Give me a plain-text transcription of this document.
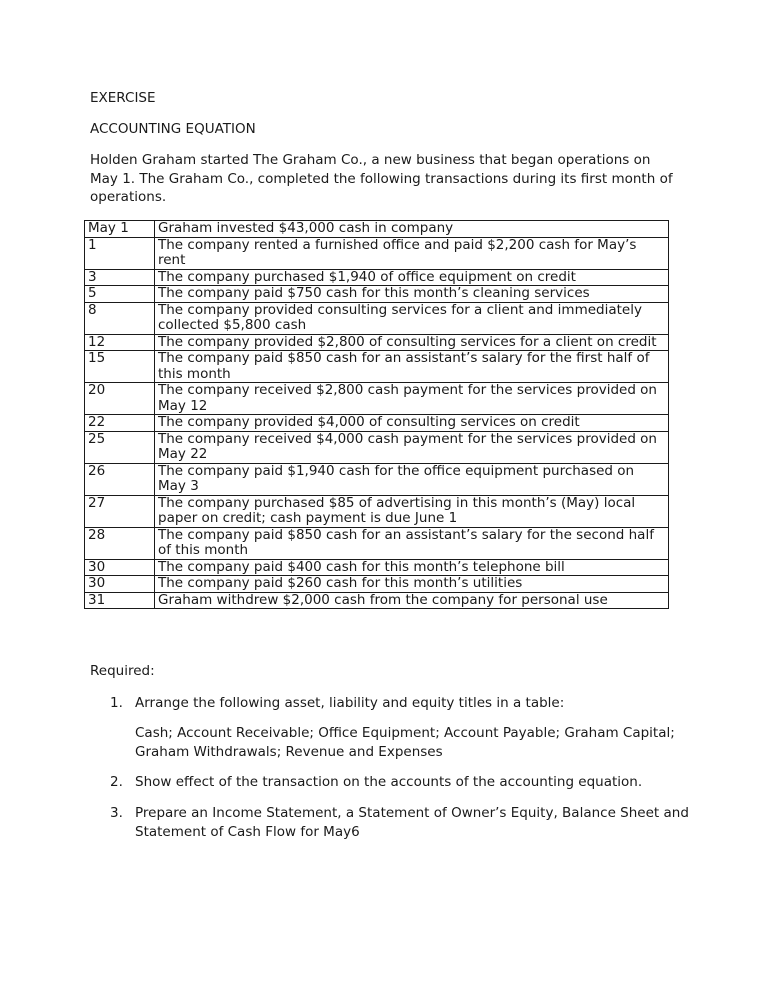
EXERCISE
ACCOUNTING EQUATION
Holden Graham started The Graham Co., a new business that began operations on May 1. The Graham Co., completed the following transactions during its first month of operations.
May 1	Graham invested $43,000 cash in company
1	The company rented a furnished office and paid $2,200 cash for May’s rent
3	The company purchased $1,940 of office equipment on credit
5	The company paid $750 cash for this month’s cleaning services
8	The company provided consulting services for a client and immediately collected $5,800 cash
12	The company provided $2,800 of consulting services for a client on credit
15	The company paid $850 cash for an assistant’s salary for the first half of this month
20	The company received $2,800 cash payment for the services provided on May 12
22	The company provided $4,000 of consulting services on credit
25	The company received $4,000 cash payment for the services provided on May 22
26	The company paid $1,940 cash for the office equipment purchased on May 3
27	The company purchased $85 of advertising in this month’s (May) local paper on credit; cash payment is due June 1
28	The company paid $850 cash for an assistant’s salary for the second half of this month
30	The company paid $400 cash for this month’s telephone bill
30	The company paid $260 cash for this month’s utilities
31	Graham withdrew $2,000 cash from the company for personal use
Required:
1. Arrange the following asset, liability and equity titles in a table:
Cash; Account Receivable; Office Equipment; Account Payable; Graham Capital; Graham Withdrawals; Revenue and Expenses
2. Show effect of the transaction on the accounts of the accounting equation.
3. Prepare an Income Statement, a Statement of Owner’s Equity, Balance Sheet and Statement of Cash Flow for May6
